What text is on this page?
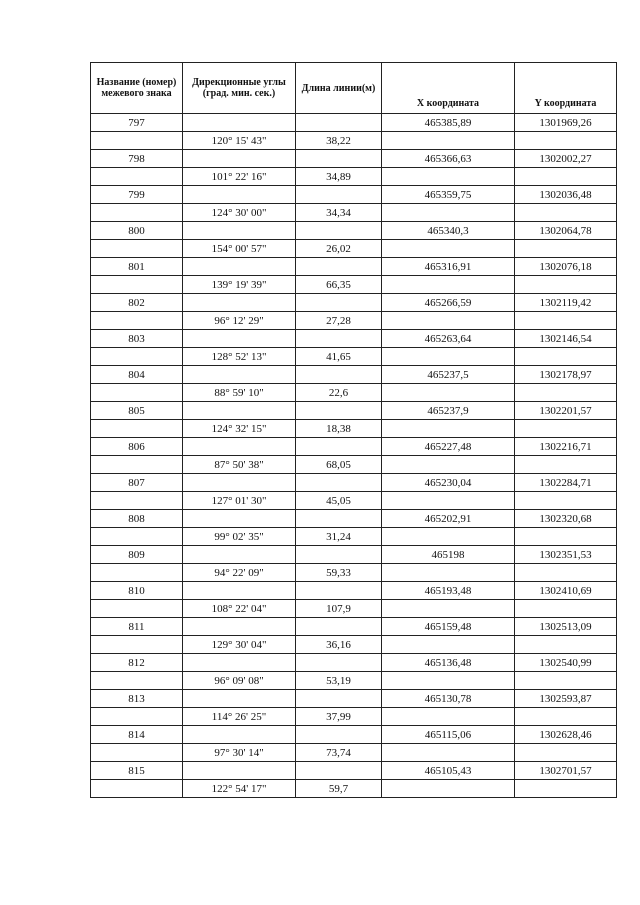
Название (номер) межевого знака	Дирекционные углы (град. мин. сек.)	Длина линии(м)	X координата	Y координата
797			465385,89	1301969,26
	120° 15' 43"	38,22		
798			465366,63	1302002,27
	101° 22' 16"	34,89		
799			465359,75	1302036,48
	124° 30' 00"	34,34		
800			465340,3	1302064,78
	154° 00' 57"	26,02		
801			465316,91	1302076,18
	139° 19' 39"	66,35		
802			465266,59	1302119,42
	96° 12' 29"	27,28		
803			465263,64	1302146,54
	128° 52' 13"	41,65		
804			465237,5	1302178,97
	88° 59' 10"	22,6		
805			465237,9	1302201,57
	124° 32' 15"	18,38		
806			465227,48	1302216,71
	87° 50' 38"	68,05		
807			465230,04	1302284,71
	127° 01' 30"	45,05		
808			465202,91	1302320,68
	99° 02' 35"	31,24		
809			465198	1302351,53
	94° 22' 09"	59,33		
810			465193,48	1302410,69
	108° 22' 04"	107,9		
811			465159,48	1302513,09
	129° 30' 04"	36,16		
812			465136,48	1302540,99
	96° 09' 08"	53,19		
813			465130,78	1302593,87
	114° 26' 25"	37,99		
814			465115,06	1302628,46
	97° 30' 14"	73,74		
815			465105,43	1302701,57
	122° 54' 17"	59,7		
